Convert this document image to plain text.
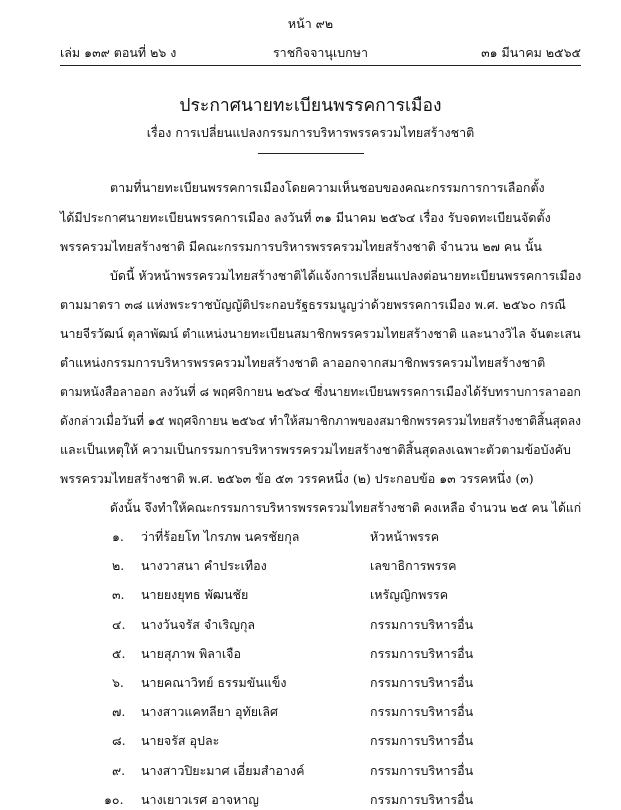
หน้า ๙๒
เล่ม ๑๓๙ ตอนที่ ๒๖ ง	ราชกิจจานุเบกษา	๓๑ มีนาคม ๒๕๖๕
ประกาศนายทะเบียนพรรคการเมือง
เรื่อง การเปลี่ยนแปลงกรรมการบริหารพรรครวมไทยสร้างชาติ
ตามที่นายทะเบียนพรรคการเมืองโดยความเห็นชอบของคณะกรรมการการเลือกตั้ง
ได้มีประกาศนายทะเบียนพรรคการเมือง ลงวันที่ ๓๑ มีนาคม ๒๕๖๔ เรื่อง รับจดทะเบียนจัดตั้ง
พรรครวมไทยสร้างชาติ มีคณะกรรมการบริหารพรรครวมไทยสร้างชาติ จำนวน ๒๗ คน นั้น
บัดนี้ หัวหน้าพรรครวมไทยสร้างชาติได้แจ้งการเปลี่ยนแปลงต่อนายทะเบียนพรรคการเมือง
ตามมาตรา ๓๘ แห่งพระราชบัญญัติประกอบรัฐธรรมนูญว่าด้วยพรรคการเมือง พ.ศ. ๒๕๖๐ กรณี
นายจีรวัฒน์ ตุลาพัฒน์ ตำแหน่งนายทะเบียนสมาชิกพรรครวมไทยสร้างชาติ และนางวิไล จันตะเสน
ตำแหน่งกรรมการบริหารพรรครวมไทยสร้างชาติ ลาออกจากสมาชิกพรรครวมไทยสร้างชาติ
ตามหนังสือลาออก ลงวันที่ ๘ พฤศจิกายน ๒๕๖๔ ซึ่งนายทะเบียนพรรคการเมืองได้รับทราบการลาออก
ดังกล่าวเมื่อวันที่ ๑๕ พฤศจิกายน ๒๕๖๔ ทำให้สมาชิกภาพของสมาชิกพรรครวมไทยสร้างชาติสิ้นสุดลง
และเป็นเหตุให้ ความเป็นกรรมการบริหารพรรครวมไทยสร้างชาติสิ้นสุดลงเฉพาะตัวตามข้อบังคับ
พรรครวมไทยสร้างชาติ พ.ศ. ๒๕๖๓ ข้อ ๕๓ วรรคหนึ่ง (๒) ประกอบข้อ ๑๓ วรรคหนึ่ง (๓)
ดังนั้น จึงทำให้คณะกรรมการบริหารพรรครวมไทยสร้างชาติ คงเหลือ จำนวน ๒๕ คน ได้แก่
๑. ว่าที่ร้อยโท ไกรภพ นครชัยกุล	หัวหน้าพรรค
๒. นางวาสนา คำประเทือง	เลขาธิการพรรค
๓. นายยงยุทธ พัฒนชัย	เหรัญญิกพรรค
๔. นางวันจรัส จำเริญกุล	กรรมการบริหารอื่น
๕. นายสุภาพ พิลาเจือ	กรรมการบริหารอื่น
๖. นายคณาวิทย์ ธรรมขันแข็ง	กรรมการบริหารอื่น
๗. นางสาวแคทลียา อุทัยเลิศ	กรรมการบริหารอื่น
๘. นายจรัส อุปละ	กรรมการบริหารอื่น
๙. นางสาวปิยะมาศ เอี่ยมสำอางค์	กรรมการบริหารอื่น
๑๐. นางเยาวเรศ อาจหาญ	กรรมการบริหารอื่น
